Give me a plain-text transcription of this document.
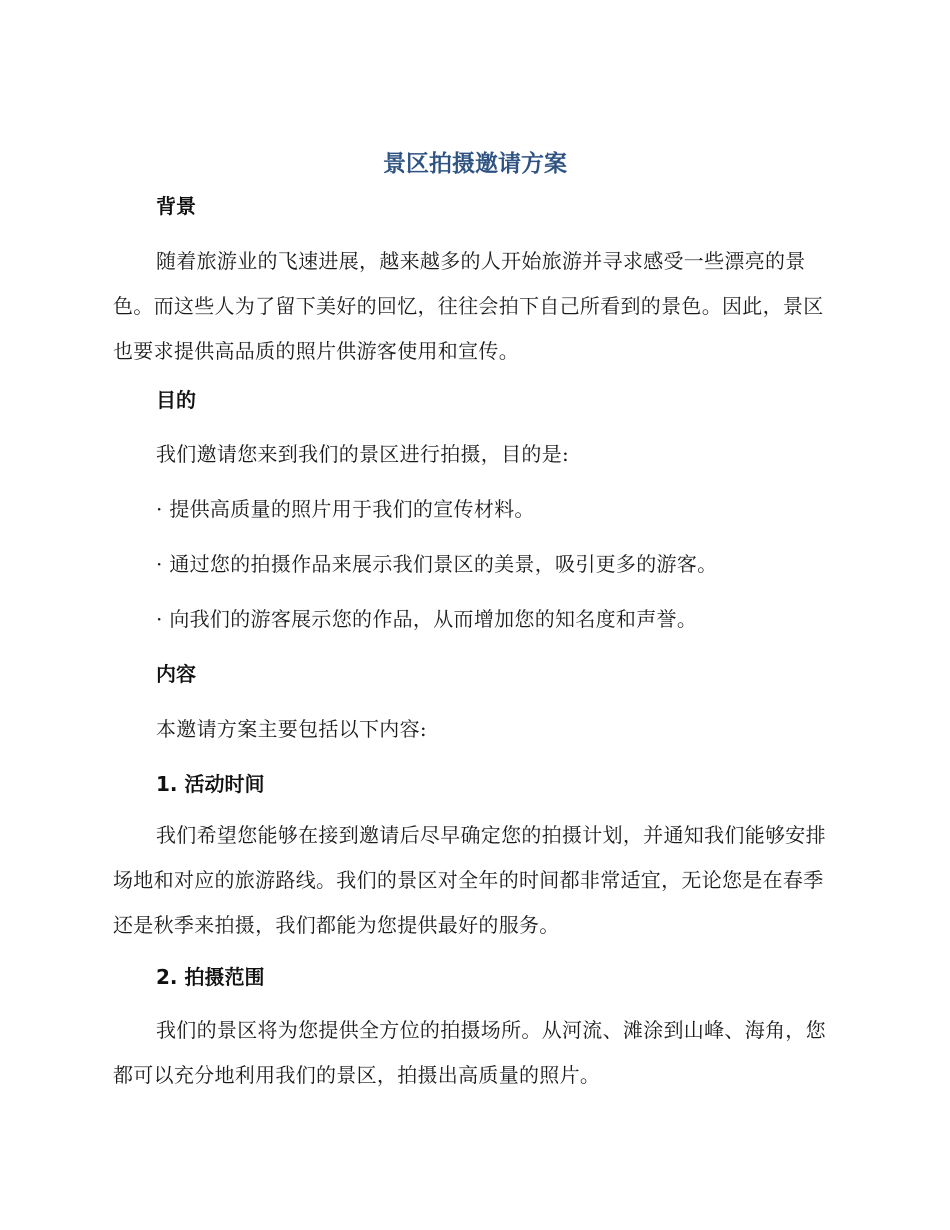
景区拍摄邀请方案
背景
随着旅游业的飞速进展，越来越多的人开始旅游并寻求感受一些漂亮的景色。而这些人为了留下美好的回忆，往往会拍下自己所看到的景色。因此，景区也要求提供高品质的照片供游客使用和宣传。
目的
我们邀请您来到我们的景区进行拍摄，目的是:
· 提供高质量的照片用于我们的宣传材料。
· 通过您的拍摄作品来展示我们景区的美景，吸引更多的游客。
· 向我们的游客展示您的作品，从而增加您的知名度和声誉。
内容
本邀请方案主要包括以下内容:
1. 活动时间
我们希望您能够在接到邀请后尽早确定您的拍摄计划，并通知我们能够安排场地和对应的旅游路线。我们的景区对全年的时间都非常适宜，无论您是在春季还是秋季来拍摄，我们都能为您提供最好的服务。
2. 拍摄范围
我们的景区将为您提供全方位的拍摄场所。从河流、滩涂到山峰、海角，您都可以充分地利用我们的景区，拍摄出高质量的照片。
